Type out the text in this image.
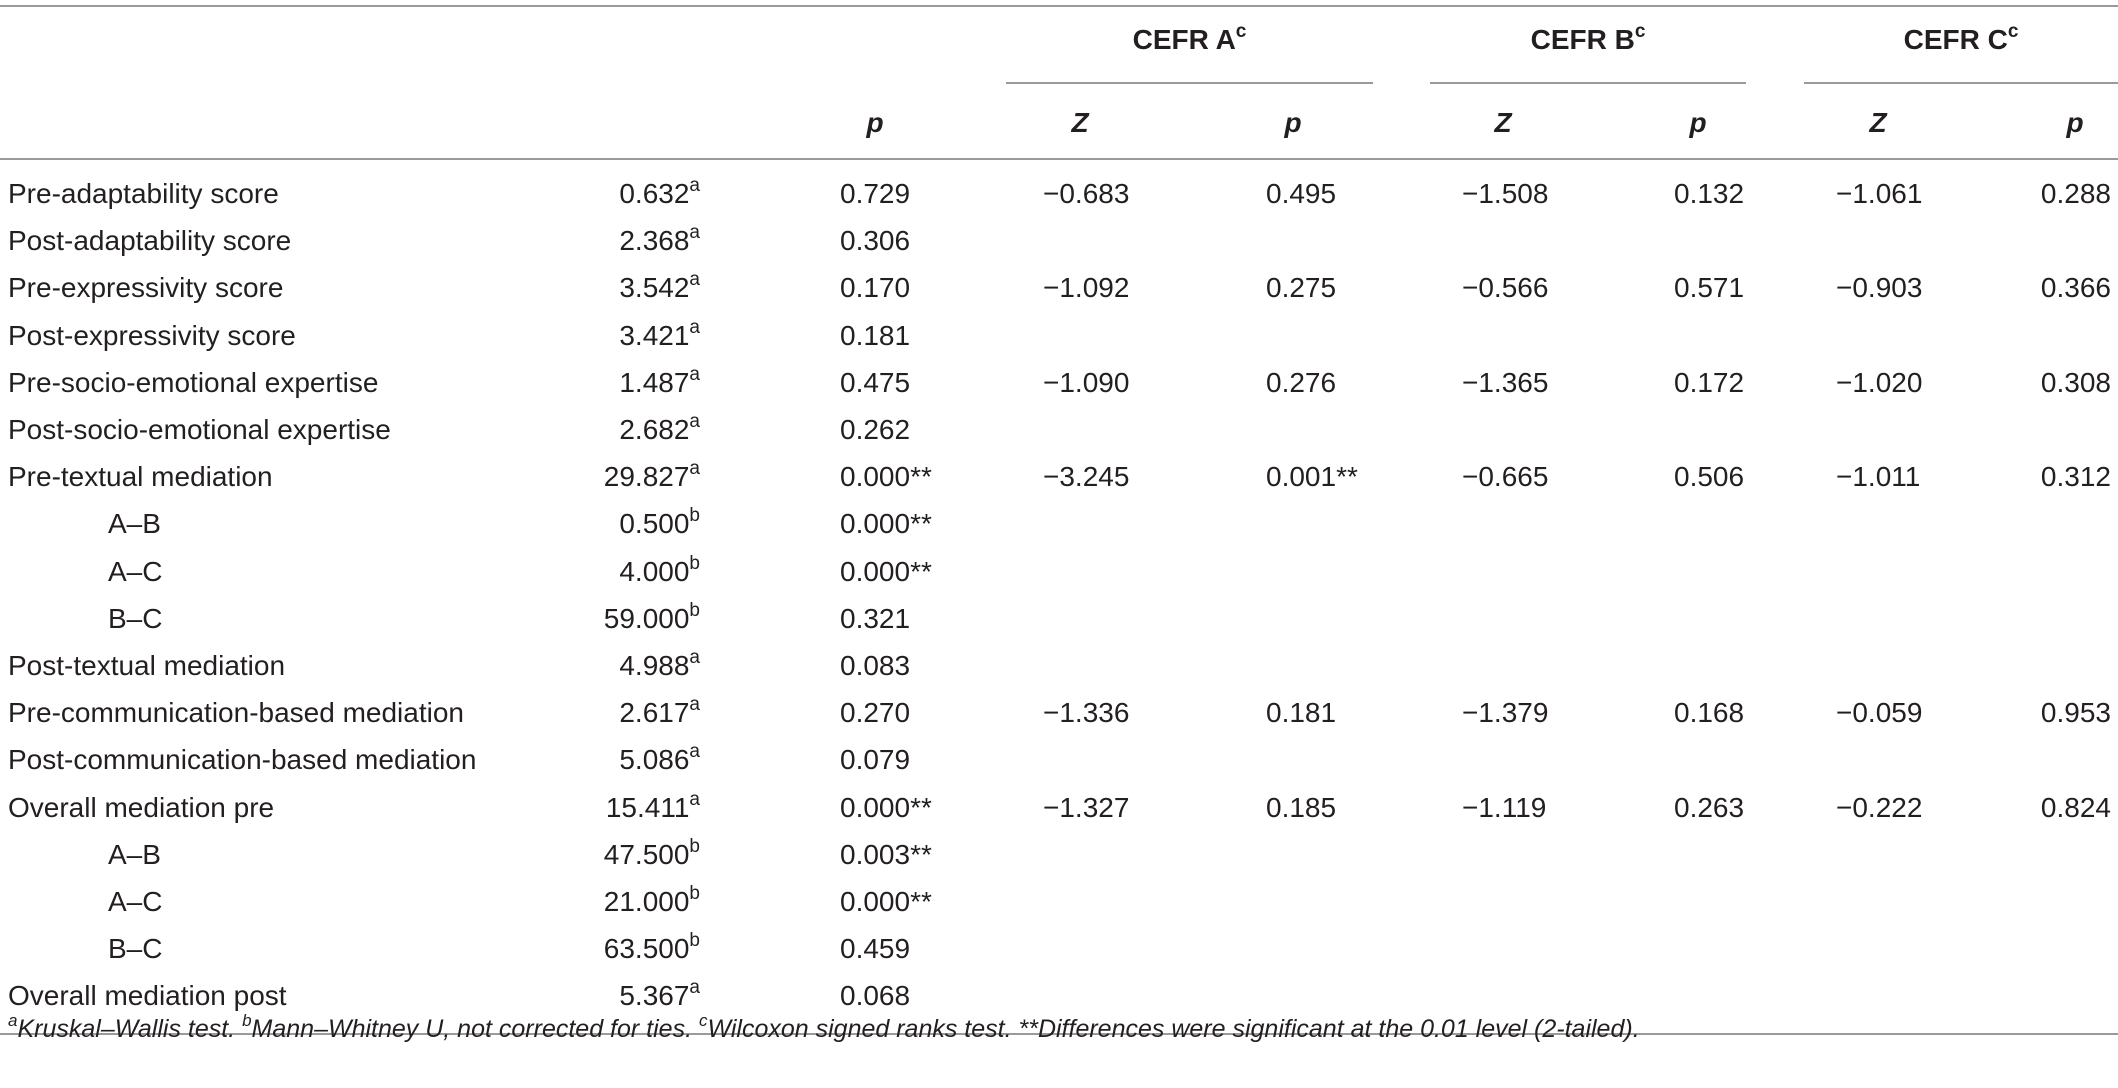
CEFR $A^c$	CEFR $B^c$	CEFR $C^c$
p	Z	p	Z	p	Z	p
Pre-adaptability score	0.632$^a$	0.729	−0.683	0.495	−1.508	0.132	−1.061	0.288
Post-adaptability score	2.368$^a$	0.306
Pre-expressivity score	3.542$^a$	0.170	−1.092	0.275	−0.566	0.571	−0.903	0.366
Post-expressivity score	3.421$^a$	0.181
Pre-socio-emotional expertise	1.487$^a$	0.475	−1.090	0.276	−1.365	0.172	−1.020	0.308
Post-socio-emotional expertise	2.682$^a$	0.262
Pre-textual mediation	29.827$^a$	0.000**	−3.245	0.001**	−0.665	0.506	−1.011	0.312
A–B	0.500$^b$	0.000**
A–C	4.000$^b$	0.000**
B–C	59.000$^b$	0.321
Post-textual mediation	4.988$^a$	0.083
Pre-communication-based mediation	2.617$^a$	0.270	−1.336	0.181	−1.379	0.168	−0.059	0.953
Post-communication-based mediation	5.086$^a$	0.079
Overall mediation pre	15.411$^a$	0.000**	−1.327	0.185	−1.119	0.263	−0.222	0.824
A–B	47.500$^b$	0.003**
A–C	21.000$^b$	0.000**
B–C	63.500$^b$	0.459
Overall mediation post	5.367$^a$	0.068
$^a$Kruskal–Wallis test. $^b$Mann–Whitney U, not corrected for ties. $^c$Wilcoxon signed ranks test. **Differences were significant at the 0.01 level (2-tailed).
